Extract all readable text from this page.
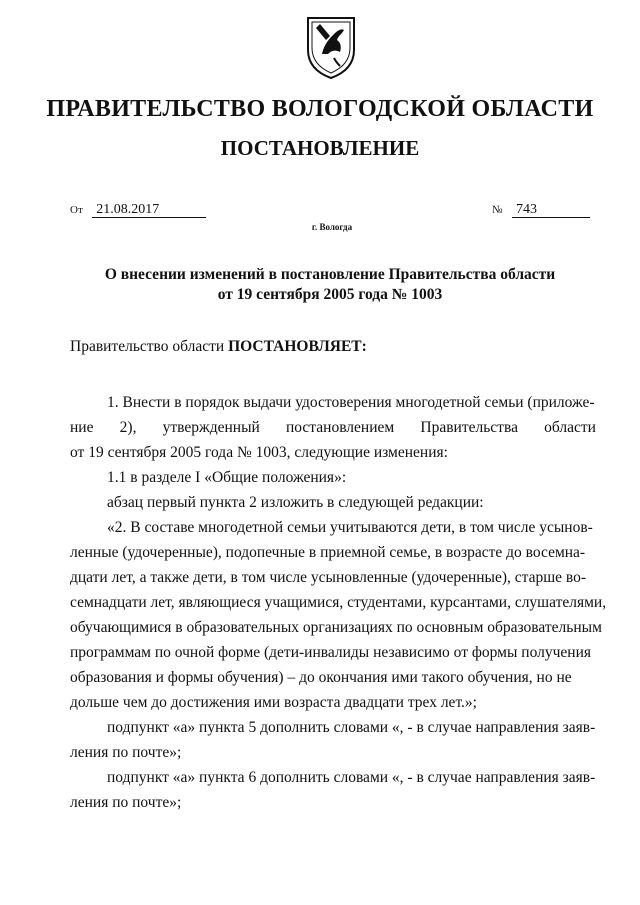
ПРАВИТЕЛЬСТВО ВОЛОГОДСКОЙ ОБЛАСТИ
ПОСТАНОВЛЕНИЕ
От 21.08.2017	№ 743
г. Вологда
О внесении изменений в постановление Правительства области
от 19 сентября 2005 года № 1003
Правительство области ПОСТАНОВЛЯЕТ:
1. Внести в порядок выдачи удостоверения многодетной семьи (приложе-
ние 2), утвержденный постановлением Правительства области
от 19 сентября 2005 года № 1003, следующие изменения:
1.1 в разделе I «Общие положения»:
абзац первый пункта 2 изложить в следующей редакции:
«2. В составе многодетной семьи учитываются дети, в том числе усынов-
ленные (удочеренные), подопечные в приемной семье, в возрасте до восемна-
дцати лет, а также дети, в том числе усыновленные (удочеренные), старше во-
семнадцати лет, являющиеся учащимися, студентами, курсантами, слушателями,
обучающимися в образовательных организациях по основным образовательным
программам по очной форме (дети-инвалиды независимо от формы получения
образования и формы обучения) – до окончания ими такого обучения, но не
дольше чем до достижения ими возраста двадцати трех лет.»;
подпункт «а» пункта 5 дополнить словами «, - в случае направления заяв-
ления по почте»;
подпункт «а» пункта 6 дополнить словами «, - в случае направления заяв-
ления по почте»;
